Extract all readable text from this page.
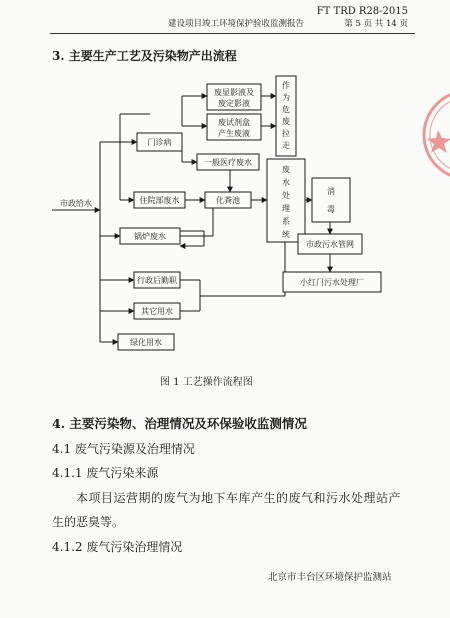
FT TRD R28-2015
建设项目竣工环境保护验收监测报告	第 5 页 共 14 页
3. 主要生产工艺及污染物产出流程
市政给水
门诊病
废显影液及
废定影液
废试剂盒
产生废液
作
为
危
废
拉
走
一般医疗废水
住院部废水	化粪池
废
水
处
理
系
统
消
毒
市政污水管网
小红门污水处理厂
锅炉废水
行政后勤职
其它用水
绿化用水
图 1 工艺操作流程图
4. 主要污染物、治理情况及环保验收监测情况
4.1 废气污染源及治理情况
4.1.1 废气污染来源
本项目运营期的废气为地下车库产生的废气和污水处理站产
生的恶臭等。
4.1.2 废气污染治理情况
北京市丰台区环境保护监测站
